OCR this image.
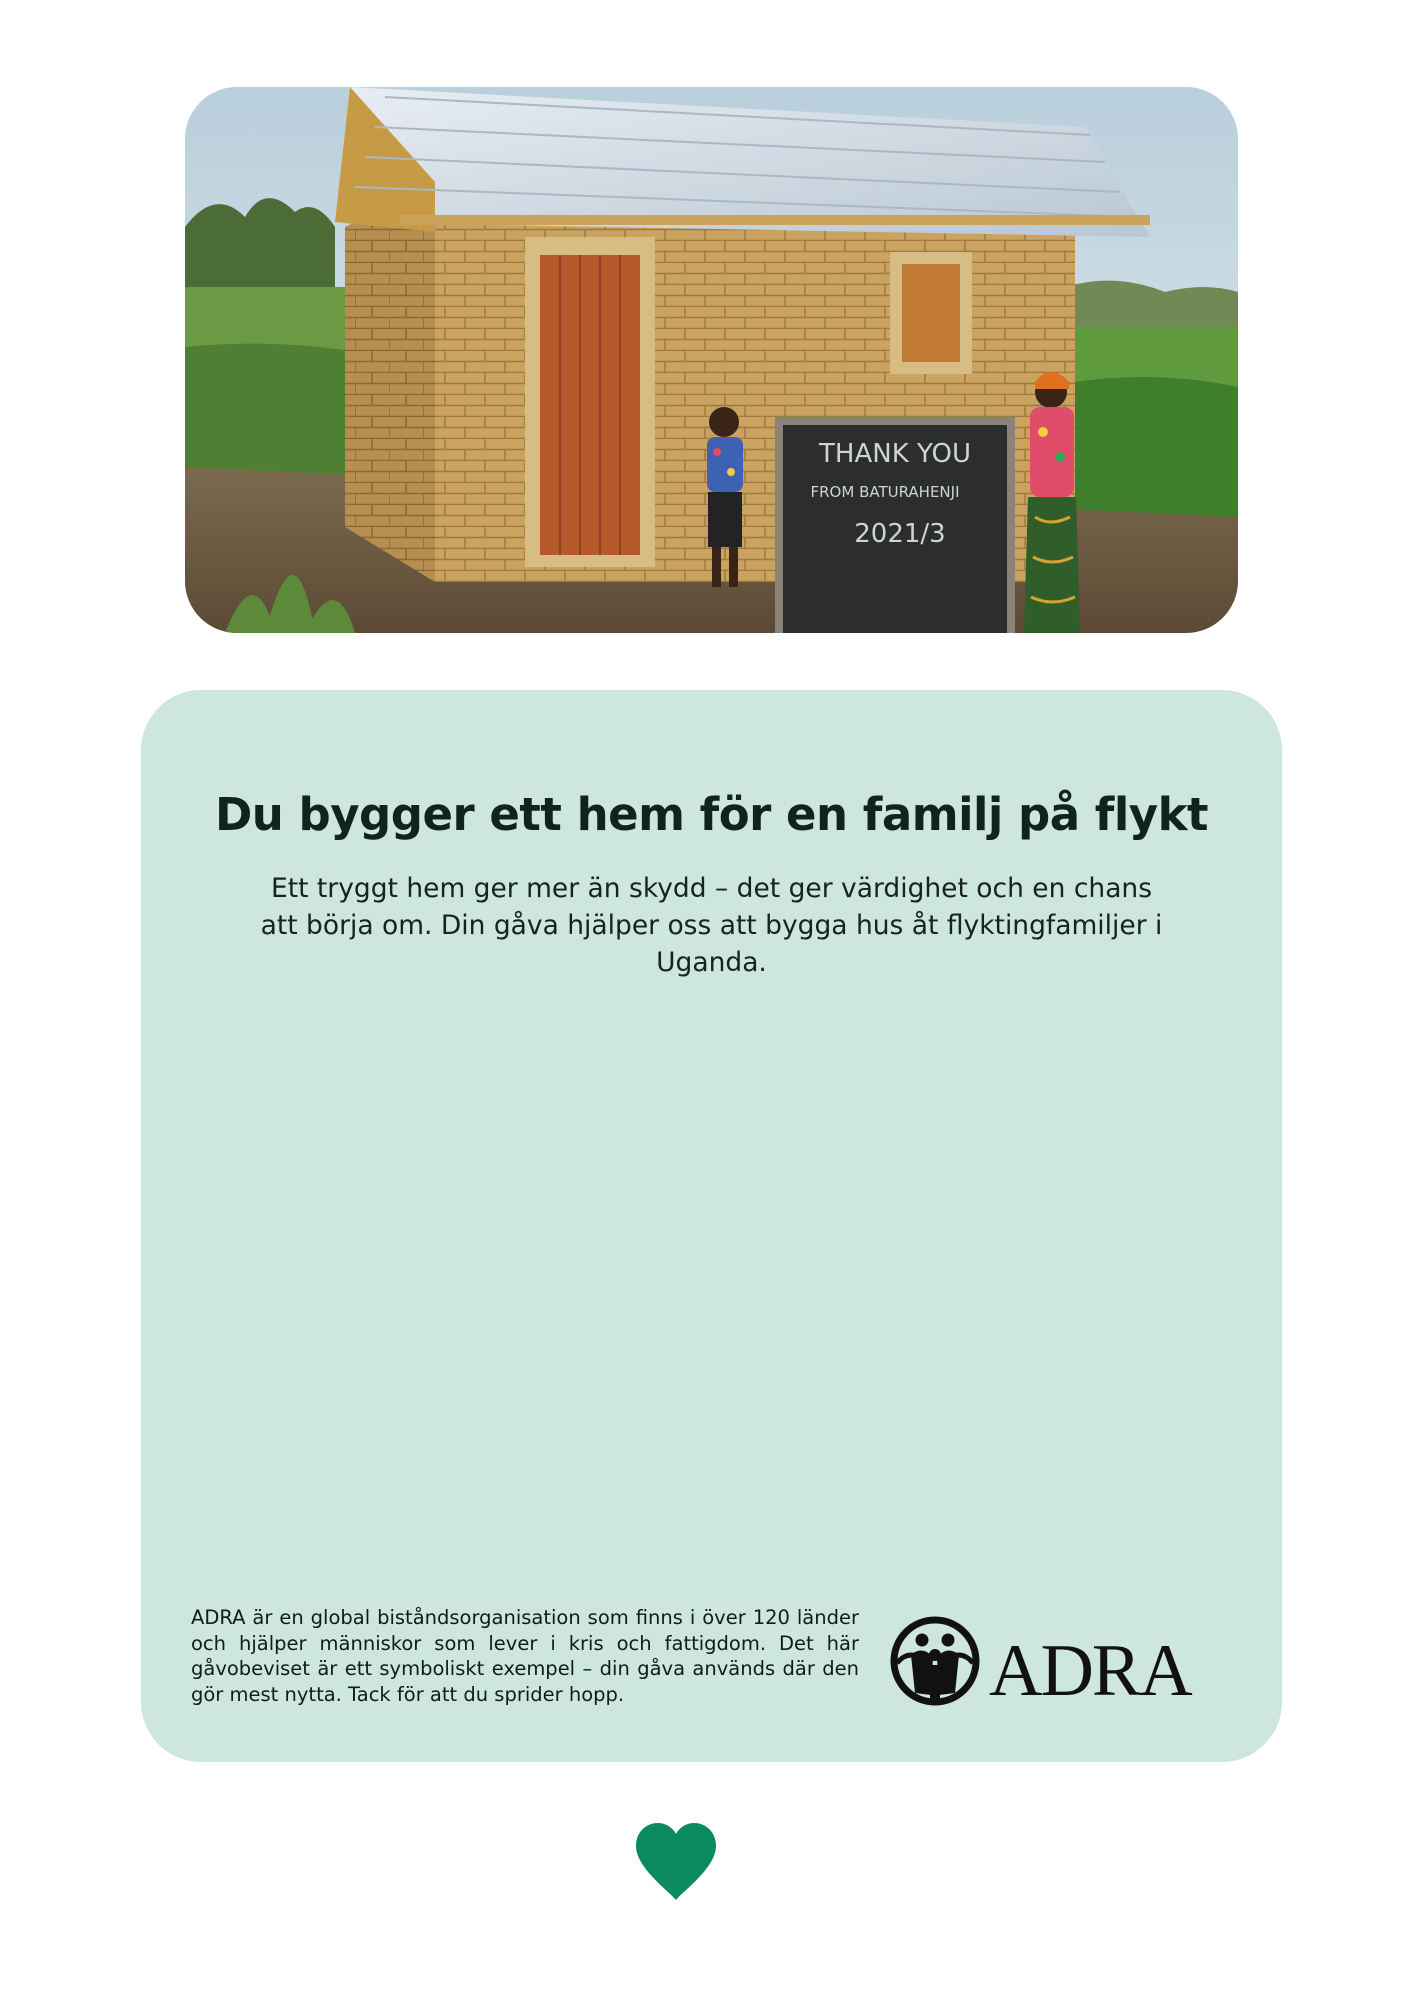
THANK YOU
FROM BATURAHENJI
2021/3
Du bygger ett hem för en familj på flykt

Ett tryggt hem ger mer än skydd – det ger värdighet och en chans att börja om. Din gåva hjälper oss att bygga hus åt flyktingfamiljer i Uganda.

ADRA är en global biståndsorganisation som finns i över 120 länder och hjälper människor som lever i kris och fattigdom. Det här gåvobeviset är ett symboliskt exempel – din gåva används där den gör mest nytta. Tack för att du sprider hopp.	ADRA
